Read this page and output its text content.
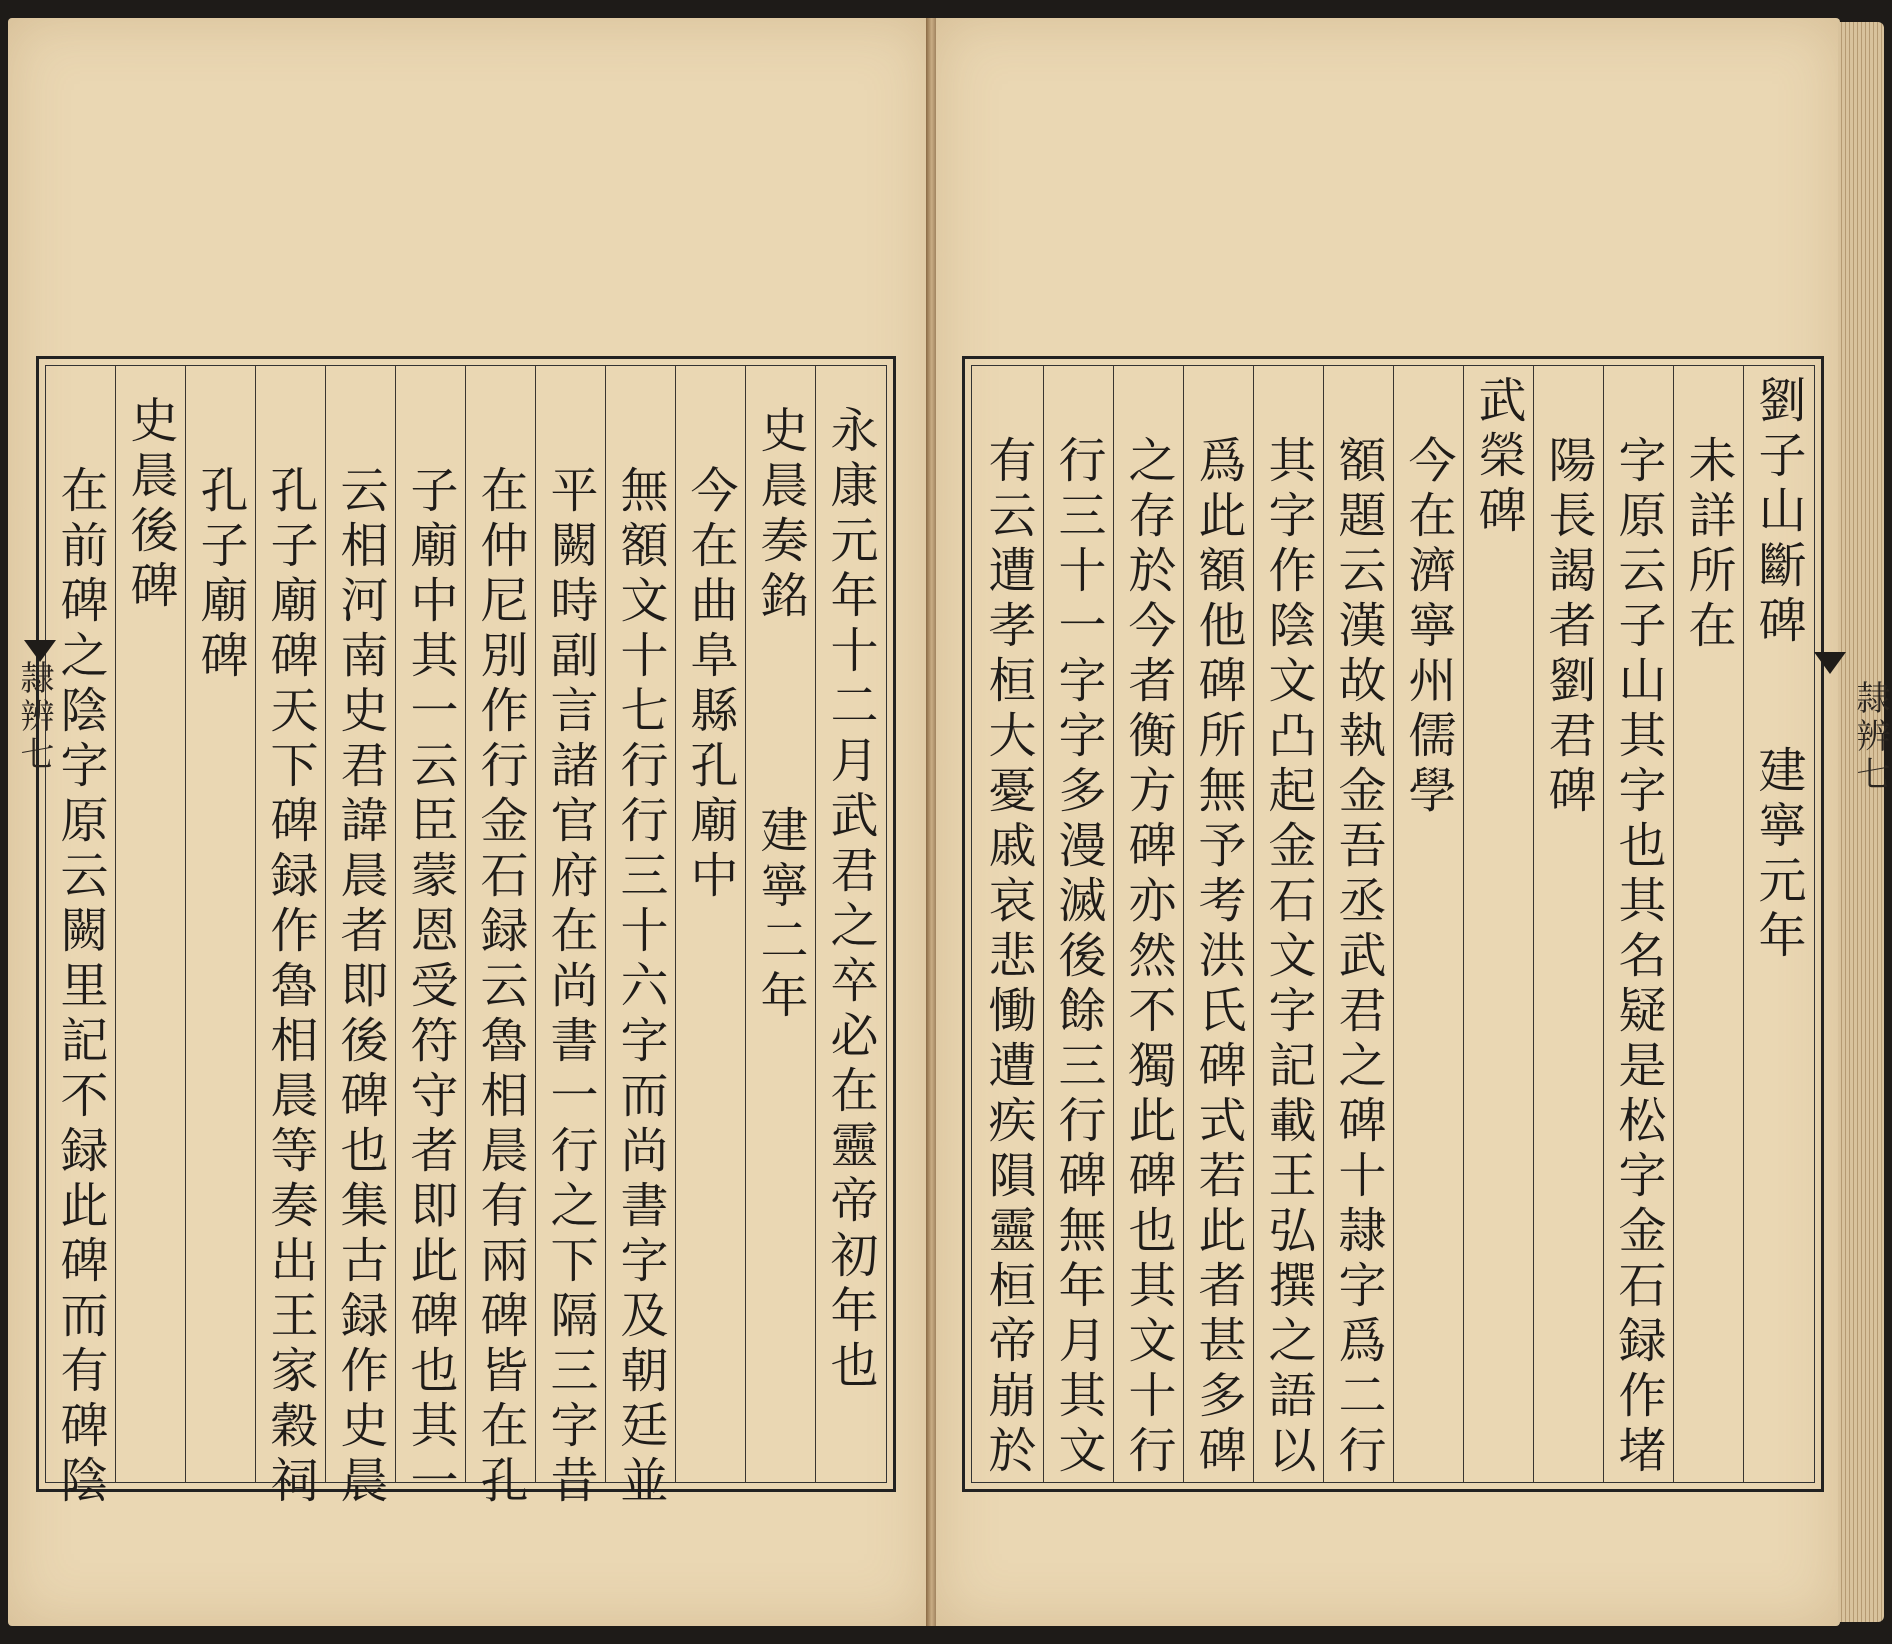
永康元年十二月武君之卒必在靈帝初年也
史晨奏銘
建寧二年
今在曲阜縣孔廟中
無額文十七行行三十六字而尚書字及朝廷並
平闕時副言諸官府在尚書一行之下隔三字昔
在仲尼別作行金石録云魯相晨有兩碑皆在孔
子廟中其一云臣蒙恩受符守者即此碑也其一
云相河南史君諱晨者即後碑也集古録作史晨
孔子廟碑天下碑録作魯相晨等奏出王家穀祠
孔子廟碑
史晨後碑
在前碑之陰字原云闕里記不録此碑而有碑陰
隷辨七
劉子山斷碑
建寧元年
未詳所在
字原云子山其字也其名疑是松字金石録作堵
陽長謁者劉君碑
武榮碑
今在濟寧州儒學
額題云漢故執金吾丞武君之碑十隷字爲二行
其字作陰文凸起金石文字記載王弘撰之語以
爲此額他碑所無予考洪氏碑式若此者甚多碑
之存於今者衡方碑亦然不獨此碑也其文十行
行三十一字字多漫滅後餘三行碑無年月其文
有云遭孝桓大憂戚哀悲慟遭疾隕靈桓帝崩於	隷辨七
